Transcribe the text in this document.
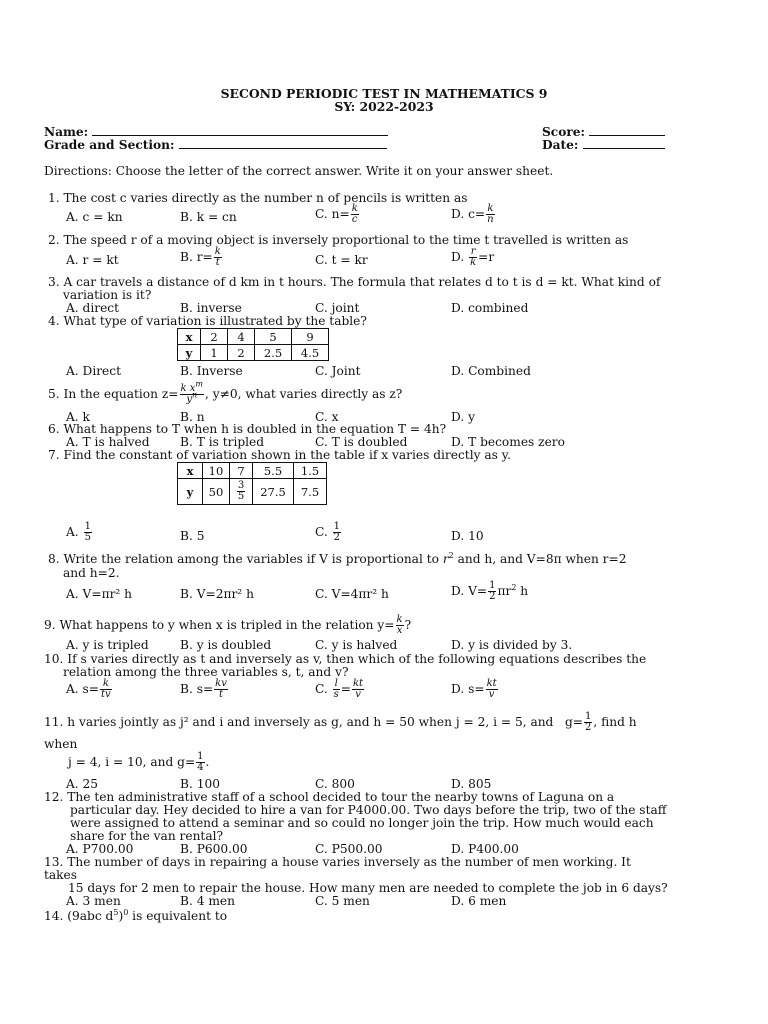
SECOND PERIODIC TEST IN MATHEMATICS 9
SY: 2022-2023
Name:	Score:
Grade and Section:	Date:
Directions: Choose the letter of the correct answer. Write it on your answer sheet.
1. The cost c varies directly as the number n of pencils is written as
A. c = kn	B. k = cn	C. $n= \frac{k}{c}$	D. $c= \frac{k}{n}$
2. The speed r of a moving object is inversely proportional to the time t travelled is written as
A. r = kt	B. $r= \frac{k}{t}$	C. t = kr	D. $\frac{r}{k} =r$
3. A car travels a distance of d km in t hours. The formula that relates d to t is d = kt. What kind of
variation is it?
A. direct	B. inverse	C. joint	D. combined
4. What type of variation is illustrated by the table?
x	2	4	5	9
y	1	2	2.5	4.5
A. Direct	B. Inverse	C. Joint	D. Combined
5. In the equation $z= \frac{k x^m}{y^n}$ , y≠0, what varies directly as z?
A. k	B. n	C. x	D. y
6. What happens to T when h is doubled in the equation T = 4h?
A. T is halved	B. T is tripled	C. T is doubled	D. T becomes zero
7. Find the constant of variation shown in the table if x varies directly as y.
x	10	7	5.5	1.5
y	50	$\frac{3}{5}$	27.5	7.5
A. $\frac{1}{5}$	B. 5	C. $\frac{1}{2}$	D. 10
8. Write the relation among the variables if V is proportional to $r^2$ and h, and V=8π when r=2
and h=2.
A. V=πr² h	B. V=2πr² h	C. V=4πr² h	D. $V= \frac{1}{2} \pi r^2$ h
9. What happens to y when x is tripled in the relation $y= \frac{k}{x}$ ?
A. y is tripled	B. y is doubled	C. y is halved	D. y is divided by 3.
10. If s varies directly as t and inversely as v, then which of the following equations describes the
relation among the three variables s, t, and v?
A. $s= \frac{k}{tv}$	B. $s= \frac{kv}{t}$	C. $\frac{l}{s} = \frac{kt}{v}$	D. $s= \frac{kt}{v}$
11. h varies jointly as j² and i and inversely as g, and h = 50 when j = 2, i = 5, and $g= \frac{1}{2}$ , find h
when
j = 4, i = 10, and $g= \frac{1}{4}$ .
A. 25	B. 100	C. 800	D. 805
12. The ten administrative staff of a school decided to tour the nearby towns of Laguna on a
particular day. Hey decided to hire a van for P4000.00. Two days before the trip, two of the staff
were assigned to attend a seminar and so could no longer join the trip. How much would each
share for the van rental?
A. P700.00	B. P600.00	C. P500.00	D. P400.00
13. The number of days in repairing a house varies inversely as the number of men working. It
takes
15 days for 2 men to repair the house. How many men are needed to complete the job in 6 days?
A. 3 men	B. 4 men	C. 5 men	D. 6 men
14. (9abc $d^5)^0$ is equivalent to
